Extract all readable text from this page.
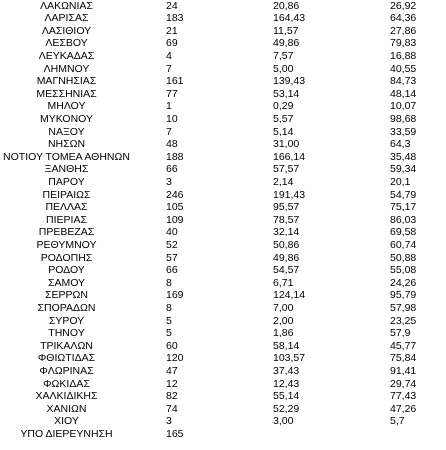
ΛΑΚΩΝΙΑΣ	24	20,86	26,92
ΛΑΡΙΣΑΣ	183	164,43	64,36
ΛΑΣΙΘΙΟΥ	21	11,57	27,86
ΛΕΣΒΟΥ	69	49,86	79,83
ΛΕΥΚΑΔΑΣ	4	7,57	16,88
ΛΗΜΝΟΥ	7	5,00	40,55
ΜΑΓΝΗΣΙΑΣ	161	139,43	84,73
ΜΕΣΣΗΝΙΑΣ	77	53,14	48,14
ΜΗΛΟΥ	1	0,29	10,07
ΜΥΚΟΝΟΥ	10	5,57	98,68
ΝΑΞΟΥ	7	5,14	33,59
ΝΗΣΩΝ	48	31,00	64,3
ΝΟΤΙΟΥ ΤΟΜΕΑ ΑΘΗΝΩΝ	188	166,14	35,48
ΞΑΝΘΗΣ	66	57,57	59,34
ΠΑΡΟΥ	3	2,14	20,1
ΠΕΙΡΑΙΩΣ	246	191,43	54,79
ΠΕΛΛΑΣ	105	95,57	75,17
ΠΙΕΡΙΑΣ	109	78,57	86,03
ΠΡΕΒΕΖΑΣ	40	32,14	69,58
ΡΕΘΥΜΝΟΥ	52	50,86	60,74
ΡΟΔΟΠΗΣ	57	49,86	50,88
ΡΟΔΟΥ	66	54,57	55,08
ΣΑΜΟΥ	8	6,71	24,26
ΣΕΡΡΩΝ	169	124,14	95,79
ΣΠΟΡΑΔΩΝ	8	7,00	57,98
ΣΥΡΟΥ	5	2,00	23,25
ΤΗΝΟΥ	5	1,86	57,9
ΤΡΙΚΑΛΩΝ	60	58,14	45,77
ΦΘΙΩΤΙΔΑΣ	120	103,57	75,84
ΦΛΩΡΙΝΑΣ	47	37,43	91,41
ΦΩΚΙΔΑΣ	12	12,43	29,74
ΧΑΛΚΙΔΙΚΗΣ	82	55,14	77,43
ΧΑΝΙΩΝ	74	52,29	47,26
ΧΙΟΥ	3	3,00	5,7
ΥΠΟ ΔΙΕΡΕΥΝΗΣΗ	165
